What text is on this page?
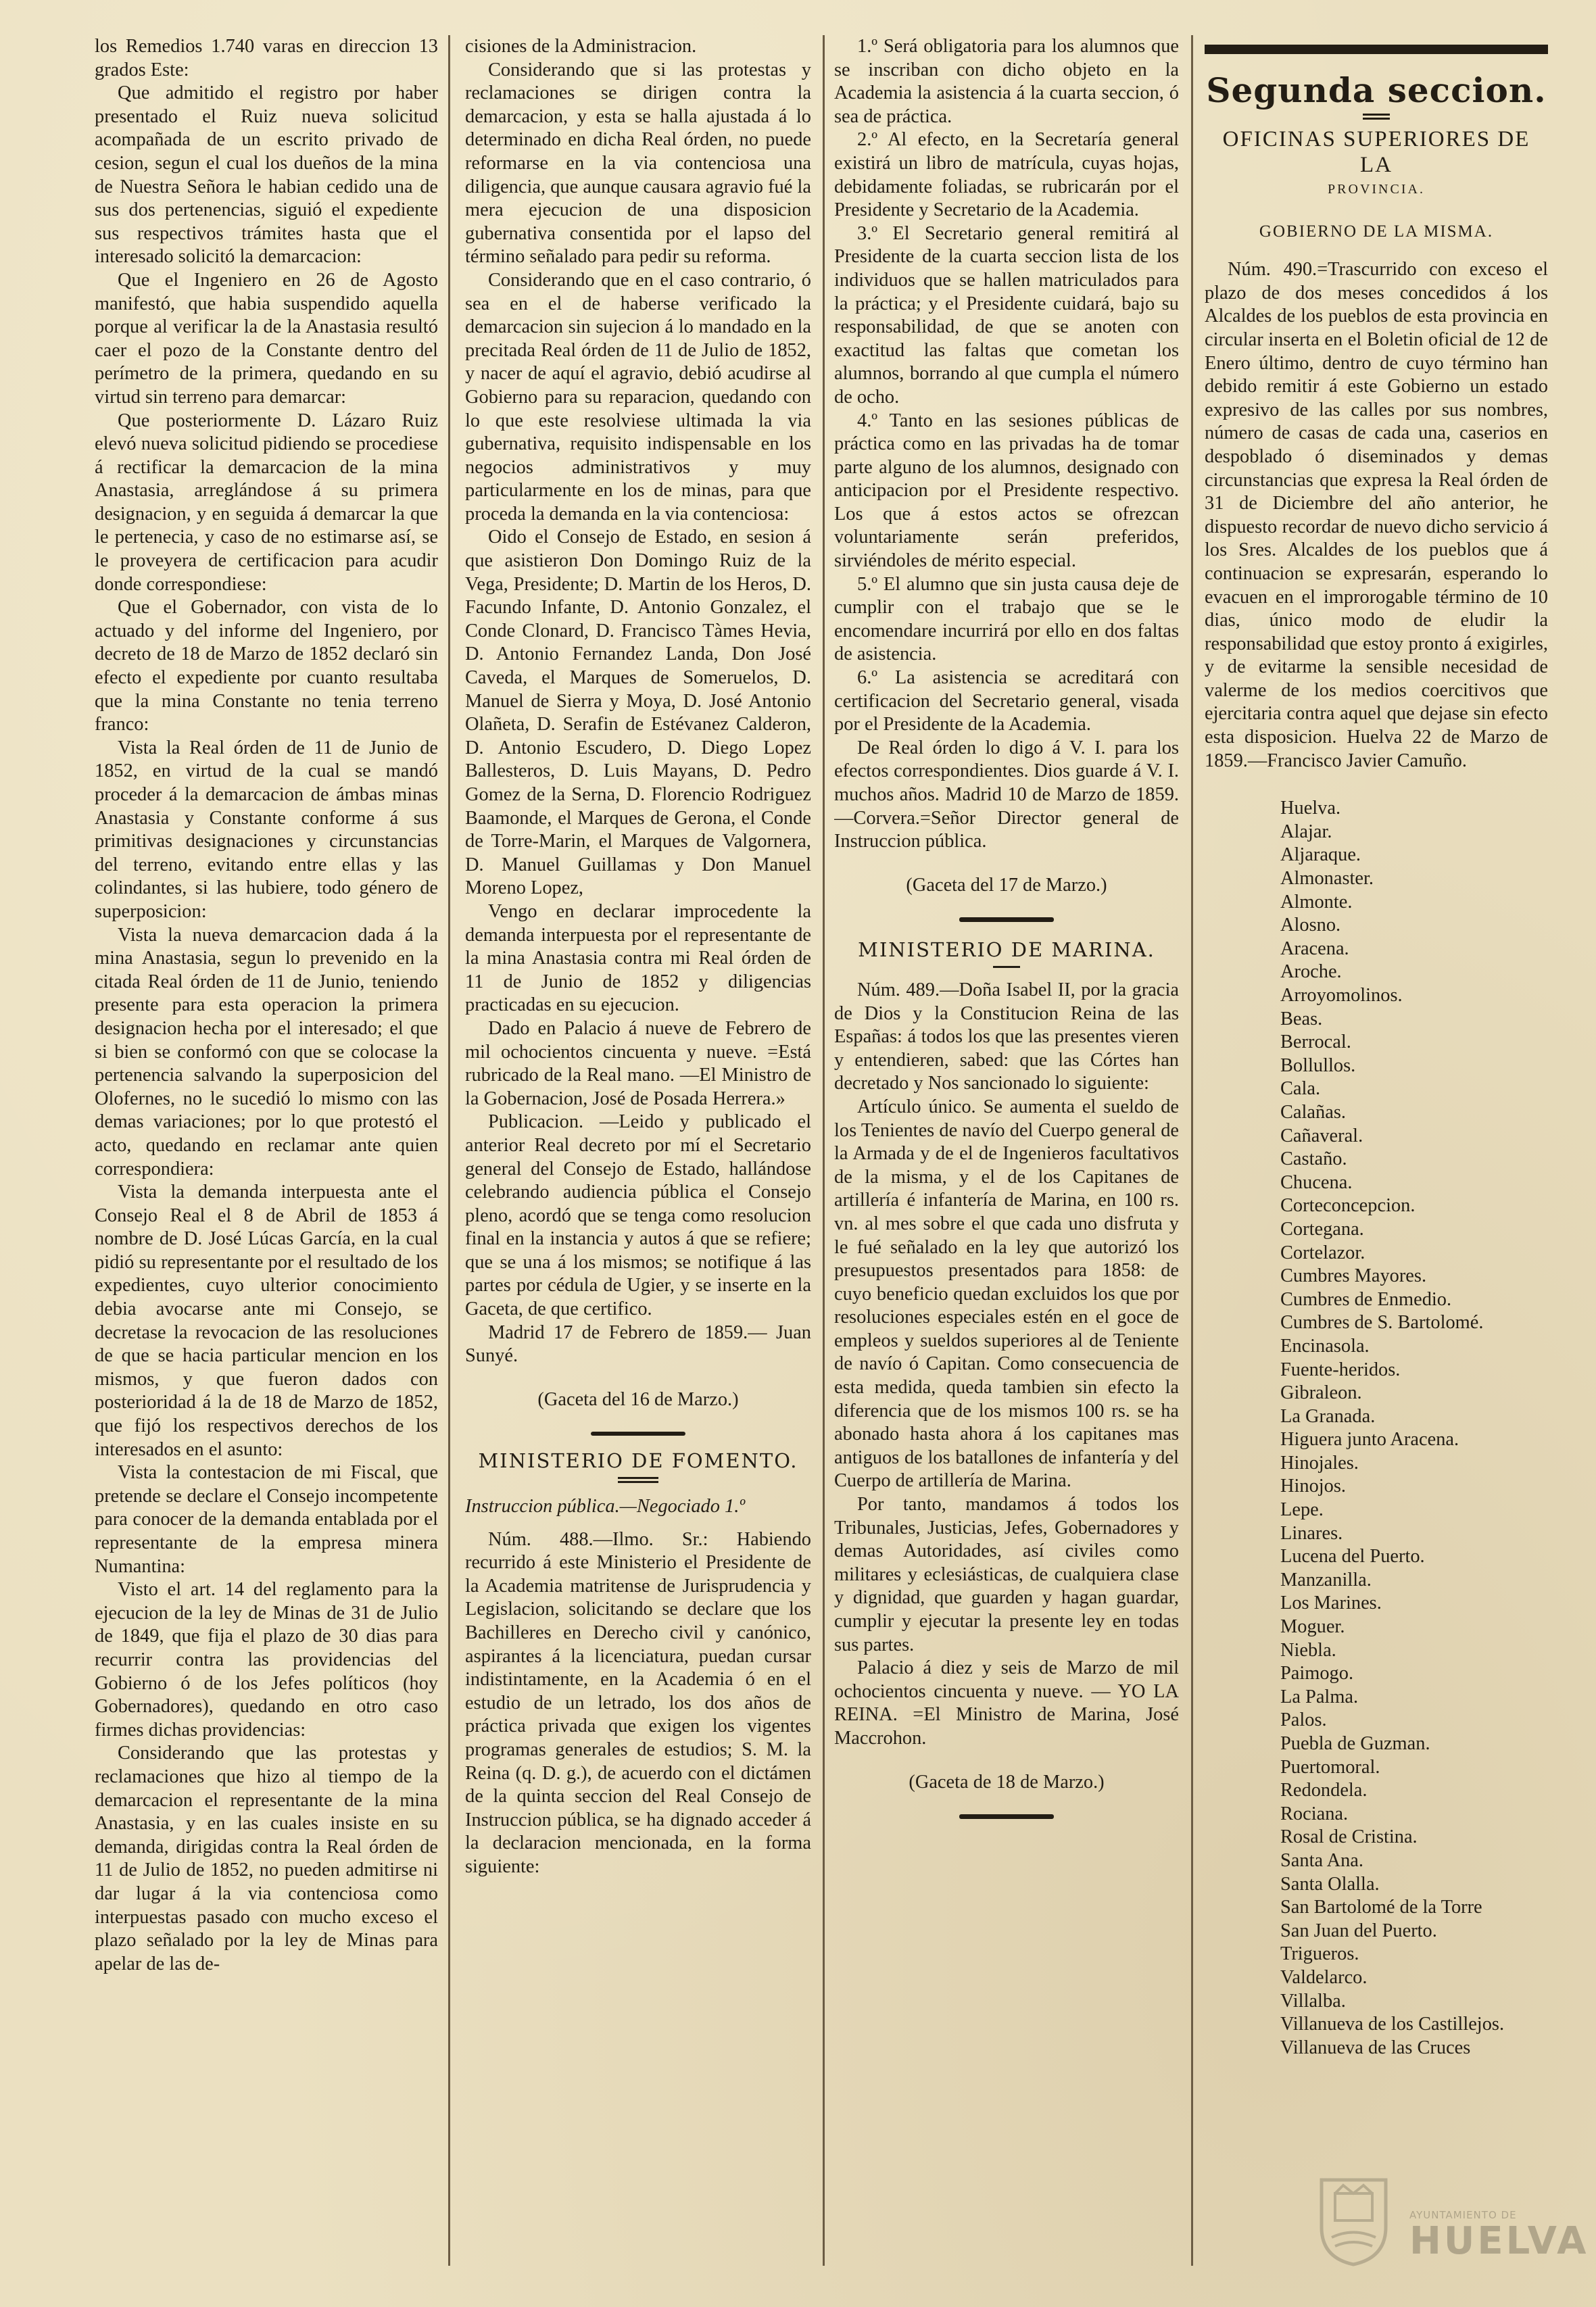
los Remedios 1.740 varas en direccion 13 grados Este:

Que admitido el registro por haber presentado el Ruiz nueva solicitud acompañada de un escrito privado de cesion, segun el cual los dueños de la mina de Nuestra Señora le habian cedido una de sus dos pertenencias, siguió el expediente sus respectivos trámites hasta que el interesado solicitó la demarcacion:

Que el Ingeniero en 26 de Agosto manifestó, que habia suspendido aquella porque al verificar la de la Anastasia resultó caer el pozo de la Constante dentro del perímetro de la primera, quedando en su virtud sin terreno para demarcar:

Que posteriormente D. Lázaro Ruiz elevó nueva solicitud pidiendo se procediese á rectificar la demarcacion de la mina Anastasia, arreglándose á su primera designacion, y en seguida á demarcar la que le pertenecia, y caso de no estimarse así, se le proveyera de certificacion para acudir donde correspondiese:

Que el Gobernador, con vista de lo actuado y del informe del Ingeniero, por decreto de 18 de Marzo de 1852 declaró sin efecto el expediente por cuanto resultaba que la mina Constante no tenia terreno franco:

Vista la Real órden de 11 de Junio de 1852, en virtud de la cual se mandó proceder á la demarcacion de ámbas minas Anastasia y Constante conforme á sus primitivas designaciones y circunstancias del terreno, evitando entre ellas y las colindantes, si las hubiere, todo género de superposicion:

Vista la nueva demarcacion dada á la mina Anastasia, segun lo prevenido en la citada Real órden de 11 de Junio, teniendo presente para esta operacion la primera designacion hecha por el interesado; el que si bien se conformó con que se colocase la pertenencia salvando la superposicion del Olofernes, no le sucedió lo mismo con las demas variaciones; por lo que protestó el acto, quedando en reclamar ante quien correspondiera:

Vista la demanda interpuesta ante el Consejo Real el 8 de Abril de 1853 á nombre de D. José Lúcas García, en la cual pidió su representante por el resultado de los expedientes, cuyo ulterior conocimiento debia avocarse ante mi Consejo, se decretase la revocacion de las resoluciones de que se hacia particular mencion en los mismos, y que fueron dados con posterioridad á la de 18 de Marzo de 1852, que fijó los respectivos derechos de los interesados en el asunto:

Vista la contestacion de mi Fiscal, que pretende se declare el Consejo incompetente para conocer de la demanda entablada por el representante de la empresa minera Numantina:

Visto el art. 14 del reglamento para la ejecucion de la ley de Minas de 31 de Julio de 1849, que fija el plazo de 30 dias para recurrir contra las providencias del Gobierno ó de los Jefes políticos (hoy Gobernadores), quedando en otro caso firmes dichas providencias:

Considerando que las protestas y reclamaciones que hizo al tiempo de la demarcacion el representante de la mina Anastasia, y en las cuales insiste en su demanda, dirigidas contra la Real órden de 11 de Julio de 1852, no pueden admitirse ni dar lugar á la via contenciosa como interpuestas pasado con mucho exceso el plazo señalado por la ley de Minas para apelar de las de-

cisiones de la Administracion.

Considerando que si las protestas y reclamaciones se dirigen contra la demarcacion, y esta se halla ajustada á lo determinado en dicha Real órden, no puede reformarse en la via contenciosa una diligencia, que aunque causara agravio fué la mera ejecucion de una disposicion gubernativa consentida por el lapso del término señalado para pedir su reforma.

Considerando que en el caso contrario, ó sea en el de haberse verificado la demarcacion sin sujecion á lo mandado en la precitada Real órden de 11 de Julio de 1852, y nacer de aquí el agravio, debió acudirse al Gobierno para su reparacion, quedando con lo que este resolviese ultimada la via gubernativa, requisito indispensable en los negocios administrativos y muy particularmente en los de minas, para que proceda la demanda en la via contenciosa:

Oido el Consejo de Estado, en sesion á que asistieron Don Domingo Ruiz de la Vega, Presidente; D. Martin de los Heros, D. Facundo Infante, D. Antonio Gonzalez, el Conde Clonard, D. Francisco Tàmes Hevia, D. Antonio Fernandez Landa, Don José Caveda, el Marques de Someruelos, D. Manuel de Sierra y Moya, D. José Antonio Olañeta, D. Serafin de Estévanez Calderon, D. Antonio Escudero, D. Diego Lopez Ballesteros, D. Luis Mayans, D. Pedro Gomez de la Serna, D. Florencio Rodriguez Baamonde, el Marques de Gerona, el Conde de Torre-Marin, el Marques de Valgornera, D. Manuel Guillamas y Don Manuel Moreno Lopez,

Vengo en declarar improcedente la demanda interpuesta por el representante de la mina Anastasia contra mi Real órden de 11 de Junio de 1852 y diligencias practicadas en su ejecucion.

Dado en Palacio á nueve de Febrero de mil ochocientos cincuenta y nueve. =Está rubricado de la Real mano. —El Ministro de la Gobernacion, José de Posada Herrera.»

Publicacion. —Leido y publicado el anterior Real decreto por mí el Secretario general del Consejo de Estado, hallándose celebrando audiencia pública el Consejo pleno, acordó que se tenga como resolucion final en la instancia y autos á que se refiere; que se una á los mismos; se notifique á las partes por cédula de Ugier, y se inserte en la Gaceta, de que certifico.

Madrid 17 de Febrero de 1859.— Juan Sunyé.

(Gaceta del 16 de Marzo.)

MINISTERIO DE FOMENTO.

Instruccion pública.—Negociado 1.º

Núm. 488.—Ilmo. Sr.: Habiendo recurrido á este Ministerio el Presidente de la Academia matritense de Jurisprudencia y Legislacion, solicitando se declare que los Bachilleres en Derecho civil y canónico, aspirantes á la licenciatura, puedan cursar indistintamente, en la Academia ó en el estudio de un letrado, los dos años de práctica privada que exigen los vigentes programas generales de estudios; S. M. la Reina (q. D. g.), de acuerdo con el dictámen de la quinta seccion del Real Consejo de Instruccion pública, se ha dignado acceder á la declaracion mencionada, en la forma siguiente:

1.º Será obligatoria para los alumnos que se inscriban con dicho objeto en la Academia la asistencia á la cuarta seccion, ó sea de práctica.

2.º Al efecto, en la Secretaría general existirá un libro de matrícula, cuyas hojas, debidamente foliadas, se rubricarán por el Presidente y Secretario de la Academia.

3.º El Secretario general remitirá al Presidente de la cuarta seccion lista de los individuos que se hallen matriculados para la práctica; y el Presidente cuidará, bajo su responsabilidad, de que se anoten con exactitud las faltas que cometan los alumnos, borrando al que cumpla el número de ocho.

4.º Tanto en las sesiones públicas de práctica como en las privadas ha de tomar parte alguno de los alumnos, designado con anticipacion por el Presidente respectivo. Los que á estos actos se ofrezcan voluntariamente serán preferidos, sirviéndoles de mérito especial.

5.º El alumno que sin justa causa deje de cumplir con el trabajo que se le encomendare incurrirá por ello en dos faltas de asistencia.

6.º La asistencia se acreditará con certificacion del Secretario general, visada por el Presidente de la Academia.

De Real órden lo digo á V. I. para los efectos correspondientes. Dios guarde á V. I. muchos años. Madrid 10 de Marzo de 1859.—Corvera.=Señor Director general de Instruccion pública.

(Gaceta del 17 de Marzo.)

MINISTERIO DE MARINA.

Núm. 489.—Doña Isabel II, por la gracia de Dios y la Constitucion Reina de las Españas: á todos los que las presentes vieren y entendieren, sabed: que las Córtes han decretado y Nos sancionado lo siguiente:

Artículo único. Se aumenta el sueldo de los Tenientes de navío del Cuerpo general de la Armada y de el de Ingenieros facultativos de la misma, y el de los Capitanes de artillería é infantería de Marina, en 100 rs. vn. al mes sobre el que cada uno disfruta y le fué señalado en la ley que autorizó los presupuestos presentados para 1858: de cuyo beneficio quedan excluidos los que por resoluciones especiales estén en el goce de empleos y sueldos superiores al de Teniente de navío ó Capitan. Como consecuencia de esta medida, queda tambien sin efecto la diferencia que de los mismos 100 rs. se ha abonado hasta ahora á los capitanes mas antiguos de los batallones de infantería y del Cuerpo de artillería de Marina.

Por tanto, mandamos á todos los Tribunales, Justicias, Jefes, Gobernadores y demas Autoridades, así civiles como militares y eclesiásticas, de cualquiera clase y dignidad, que guarden y hagan guardar, cumplir y ejecutar la presente ley en todas sus partes.

Palacio á diez y seis de Marzo de mil ochocientos cincuenta y nueve. — YO LA REINA. =El Ministro de Marina, José Maccrohon.

(Gaceta de 18 de Marzo.)

Segunda seccion.

OFICINAS SUPERIORES DE LA

PROVINCIA.

GOBIERNO DE LA MISMA.

Núm. 490.=Trascurrido con exceso el plazo de dos meses concedidos á los Alcaldes de los pueblos de esta provincia en circular inserta en el Boletin oficial de 12 de Enero último, dentro de cuyo término han debido remitir á este Gobierno un estado expresivo de las calles por sus nombres, número de casas de cada una, caserios en despoblado ó diseminados y demas circunstancias que expresa la Real órden de 31 de Diciembre del año anterior, he dispuesto recordar de nuevo dicho servicio á los Sres. Alcaldes de los pueblos que á continuacion se expresarán, esperando lo evacuen en el improrogable término de 10 dias, único modo de eludir la responsabilidad que estoy pronto á exigirles, y de evitarme la sensible necesidad de valerme de los medios coercitivos que ejercitaria contra aquel que dejase sin efecto esta disposicion. Huelva 22 de Marzo de 1859.—Francisco Javier Camuño.

Huelva.
Alajar.
Aljaraque.
Almonaster.
Almonte.
Alosno.
Aracena.
Aroche.
Arroyomolinos.
Beas.
Berrocal.
Bollullos.
Cala.
Calañas.
Cañaveral.
Castaño.
Chucena.
Corteconcepcion.
Cortegana.
Cortelazor.
Cumbres Mayores.
Cumbres de Enmedio.
Cumbres de S. Bartolomé.
Encinasola.
Fuente-heridos.
Gibraleon.
La Granada.
Higuera junto Aracena.
Hinojales.
Hinojos.
Lepe.
Linares.
Lucena del Puerto.
Manzanilla.
Los Marines.
Moguer.
Niebla.
Paimogo.
La Palma.
Palos.
Puebla de Guzman.
Puertomoral.
Redondela.
Rociana.
Rosal de Cristina.
Santa Ana.
Santa Olalla.
San Bartolomé de la Torre
San Juan del Puerto.
Trigueros.
Valdelarco.
Villalba.
Villanueva de los Castillejos.
Villanueva de las Cruces
AYUNTAMIENTO DE
HUELVA
